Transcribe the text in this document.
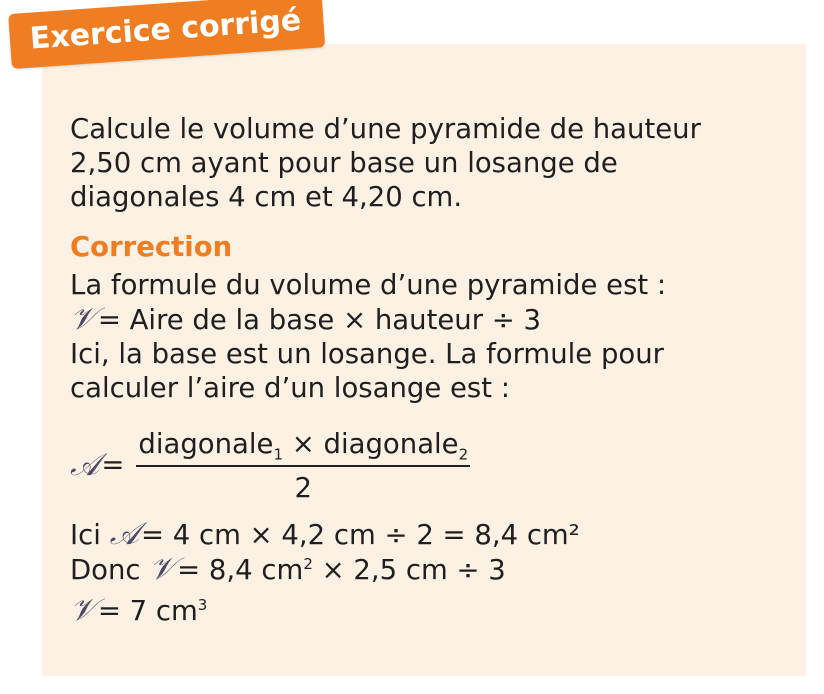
Exercice corrigé

Calcule le volume d’une pyramide de hauteur

2,50 cm ayant pour base un losange de

diagonales 4 cm et 4,20 cm.

Correction

La formule du volume d’une pyramide est :

𝒱= Aire de la base × hauteur ÷ 3

Ici, la base est un losange. La formule pour

calculer l’aire d’un losange est :

𝒜 = $\frac{diagonale_1 \times diagonale_2}{2}$

Ici 𝒜= 4 cm × 4,2 cm ÷ 2 = 8,4 cm²

Donc 𝒱= 8,4 $cm^2 \times 2,5$ cm ÷ 3

𝒱= 7 $cm^3$
